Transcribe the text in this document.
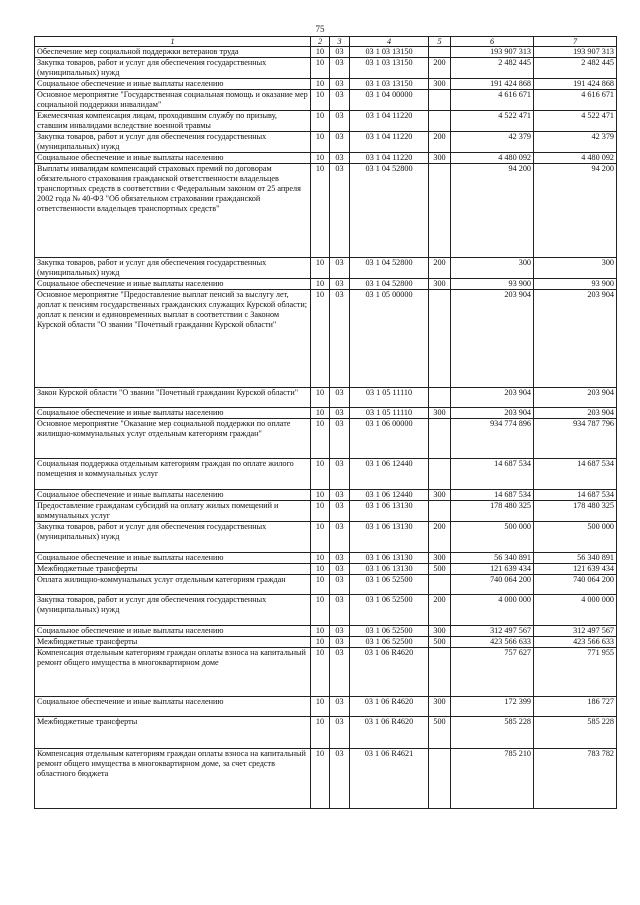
75
1	2	3	4	5	6	7
Обеспечение мер социальной поддержки ветеранов труда	10	03	03 1 03 13150		193 907 313	193 907 313
Закупка товаров, работ и услуг для обеспечения государственных (муниципальных) нужд	10	03	03 1 03 13150	200	2 482 445	2 482 445
Социальное обеспечение и иные выплаты населению	10	03	03 1 03 13150	300	191 424 868	191 424 868
Основное мероприятие "Государственная социальная помощь и оказание мер социальной поддержки инвалидам"	10	03	03 1 04 00000		4 616 671	4 616 671
Ежемесячная компенсация лицам, проходившим службу по призыву, ставшим инвалидами вследствие военной травмы	10	03	03 1 04 11220		4 522 471	4 522 471
Закупка товаров, работ и услуг для обеспечения государственных (муниципальных) нужд	10	03	03 1 04 11220	200	42 379	42 379
Социальное обеспечение и иные выплаты населению	10	03	03 1 04 11220	300	4 480 092	4 480 092
Выплаты инвалидам компенсаций страховых премий по договорам обязательного страхования гражданской ответственности владельцев транспортных средств в соответствии с Федеральным законом от 25 апреля 2002 года № 40-ФЗ "Об обязательном страховании гражданской ответственности владельцев транспортных средств"	10	03	03 1 04 52800		94 200	94 200
Закупка товаров, работ и услуг для обеспечения государственных (муниципальных) нужд	10	03	03 1 04 52800	200	300	300
Социальное обеспечение и иные выплаты населению	10	03	03 1 04 52800	300	93 900	93 900
Основное мероприятие "Предоставление выплат пенсий за выслугу лет, доплат к пенсиям государственных гражданских служащих Курской области; доплат к пенсии и единовременных выплат в соответствии с Законом Курской области "О звании "Почетный гражданин Курской области"	10	03	03 1 05 00000		203 904	203 904
Закон Курской области "О звании "Почетный гражданин Курской области"	10	03	03 1 05 11110		203 904	203 904
Социальное обеспечение и иные выплаты населению	10	03	03 1 05 11110	300	203 904	203 904
Основное мероприятие "Оказание мер социальной поддержки по оплате жилищно-коммунальных услуг отдельным категориям граждан"	10	03	03 1 06 00000		934 774 896	934 787 796
Социальная поддержка отдельным категориям граждан по оплате жилого помещения и коммунальных услуг	10	03	03 1 06 12440		14 687 534	14 687 534
Социальное обеспечение и иные выплаты населению	10	03	03 1 06 12440	300	14 687 534	14 687 534
Предоставление гражданам субсидий на оплату жилых помещений и коммунальных услуг	10	03	03 1 06 13130		178 480 325	178 480 325
Закупка товаров, работ и услуг для обеспечения государственных (муниципальных) нужд	10	03	03 1 06 13130	200	500 000	500 000
Социальное обеспечение и иные выплаты населению	10	03	03 1 06 13130	300	56 340 891	56 340 891
Межбюджетные трансферты	10	03	03 1 06 13130	500	121 639 434	121 639 434
Оплата жилищно-коммунальных услуг отдельным категориям граждан	10	03	03 1 06 52500		740 064 200	740 064 200
Закупка товаров, работ и услуг для обеспечения государственных (муниципальных) нужд	10	03	03 1 06 52500	200	4 000 000	4 000 000
Социальное обеспечение и иные выплаты населению	10	03	03 1 06 52500	300	312 497 567	312 497 567
Межбюджетные трансферты	10	03	03 1 06 52500	500	423 566 633	423 566 633
Компенсация отдельным категориям граждан оплаты взноса на капитальный ремонт общего имущества в многоквартирном доме	10	03	03 1 06 R4620		757 627	771 955
Социальное обеспечение и иные выплаты населению	10	03	03 1 06 R4620	300	172 399	186 727
Межбюджетные трансферты	10	03	03 1 06 R4620	500	585 228	585 228
Компенсация отдельным категориям граждан оплаты взноса на капитальный ремонт общего имущества в многоквартирном доме, за счет средств областного бюджета	10	03	03 1 06 R4621		785 210	783 782
